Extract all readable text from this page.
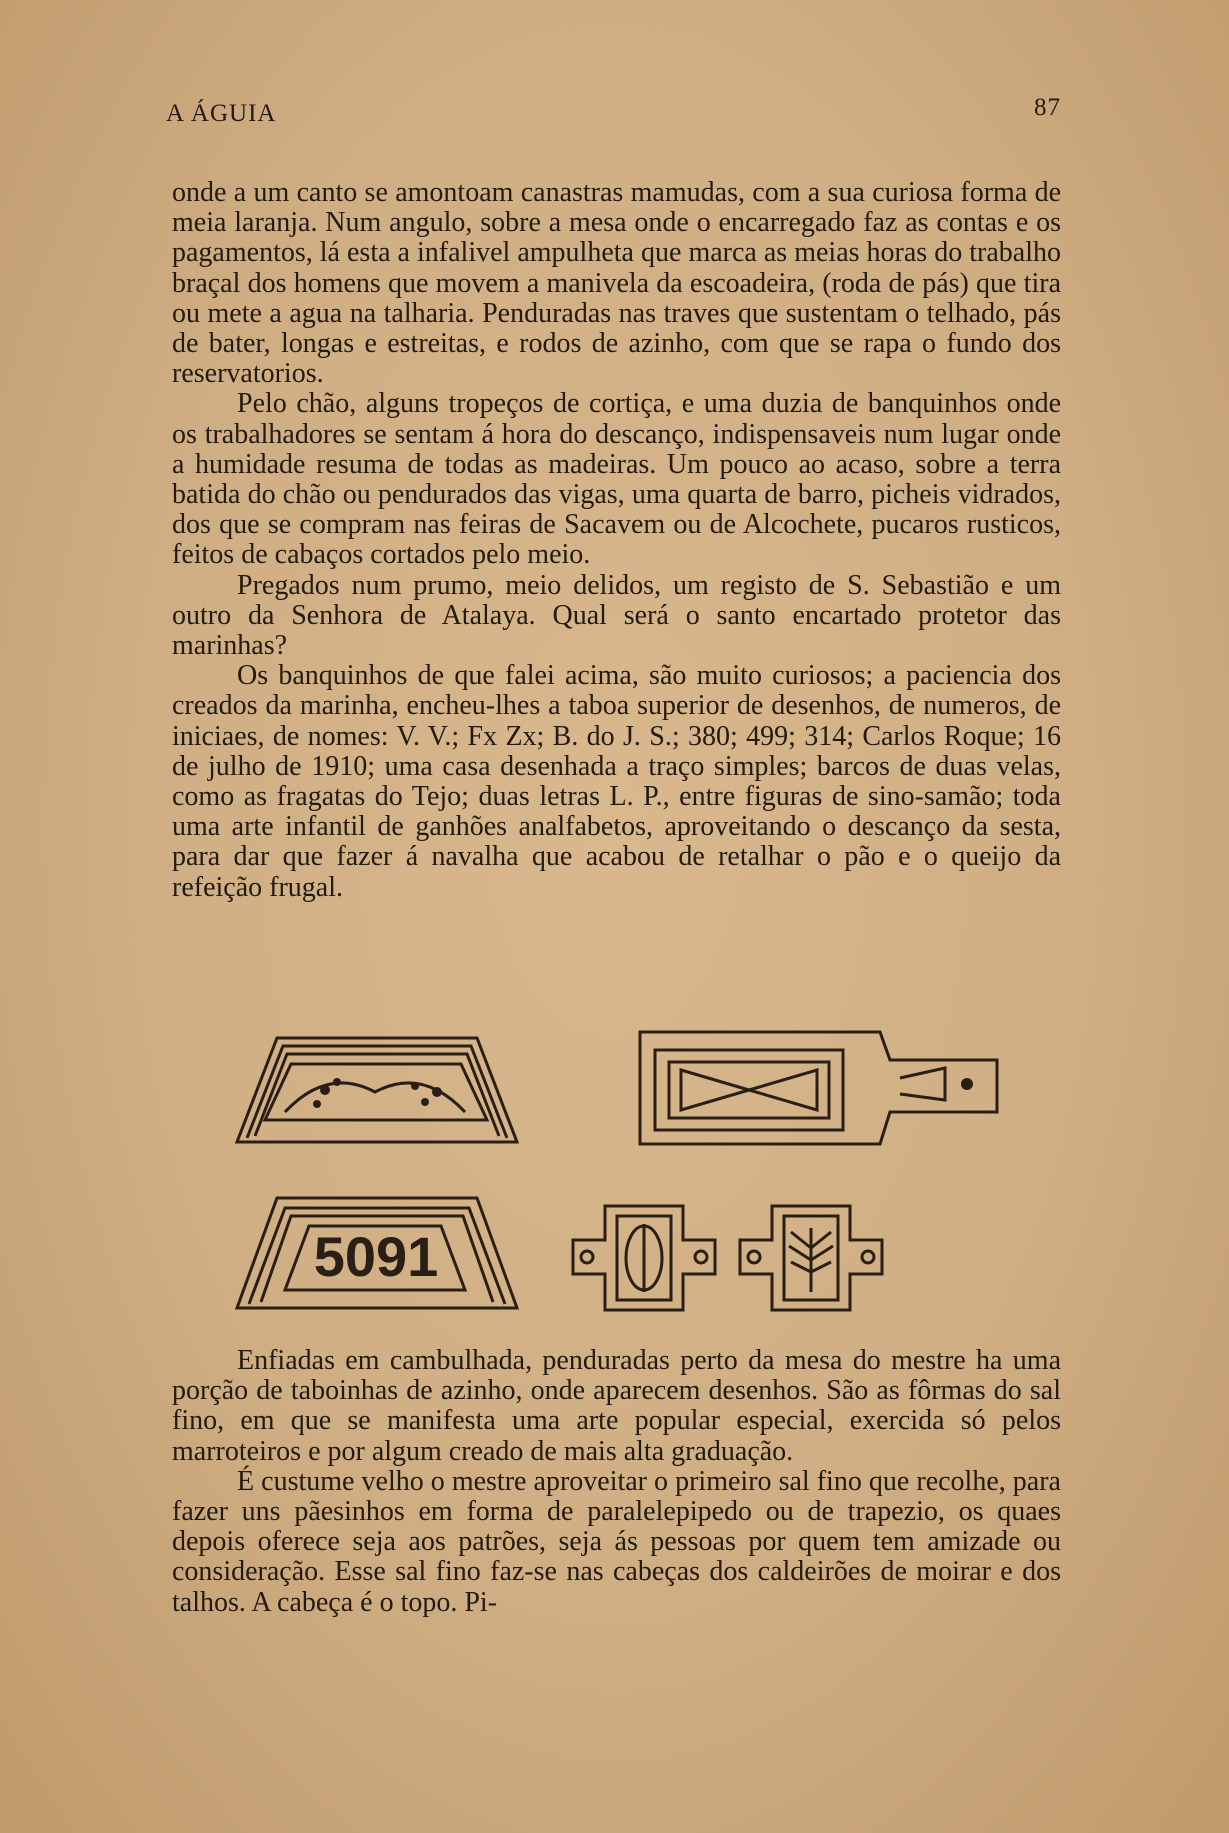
A ÁGUIA	87

onde a um canto se amontoam canastras mamudas, com a sua curiosa forma de meia laranja. Num angulo, sobre a mesa onde o encarregado faz as contas e os pagamentos, lá esta a infalivel ampulheta que marca as meias horas do trabalho braçal dos homens que movem a manivela da escoadeira, (roda de pás) que tira ou mete a agua na talharia. Penduradas nas traves que sustentam o telhado, pás de bater, longas e estreitas, e rodos de azinho, com que se rapa o fundo dos reservatorios.

Pelo chão, alguns tropeços de cortiça, e uma duzia de banquinhos onde os trabalhadores se sentam á hora do descanço, indispensaveis num lugar onde a humidade resuma de todas as madeiras. Um pouco ao acaso, sobre a terra batida do chão ou pendurados das vigas, uma quarta de barro, picheis vidrados, dos que se compram nas feiras de Sacavem ou de Alcochete, pucaros rusticos, feitos de cabaços cortados pelo meio.

Pregados num prumo, meio delidos, um registo de S. Sebastião e um outro da Senhora de Atalaya. Qual será o santo encartado protetor das marinhas?

Os banquinhos de que falei acima, são muito curiosos; a paciencia dos creados da marinha, encheu-lhes a taboa superior de desenhos, de numeros, de iniciaes, de nomes: V. V.; Fx Zx; B. do J. S.; 380; 499; 314; Carlos Roque; 16 de julho de 1910; uma casa desenhada a traço simples; barcos de duas velas, como as fragatas do Tejo; duas letras L. P., entre figuras de sino-samão; toda uma arte infantil de ganhões analfabetos, aproveitando o descanço da sesta, para dar que fazer á navalha que acabou de retalhar o pão e o queijo da refeição frugal.

5091

Enfiadas em cambulhada, penduradas perto da mesa do mestre ha uma porção de taboinhas de azinho, onde aparecem desenhos. São as fôrmas do sal fino, em que se manifesta uma arte popular especial, exercida só pelos marroteiros e por algum creado de mais alta graduação.

É custume velho o mestre aproveitar o primeiro sal fino que recolhe, para fazer uns pãesinhos em forma de paralelepipedo ou de trapezio, os quaes depois oferece seja aos patrões, seja ás pessoas por quem tem amizade ou consideração. Esse sal fino faz-se nas cabeças dos caldeirões de moirar e dos talhos. A cabeça é o topo. Pi-
